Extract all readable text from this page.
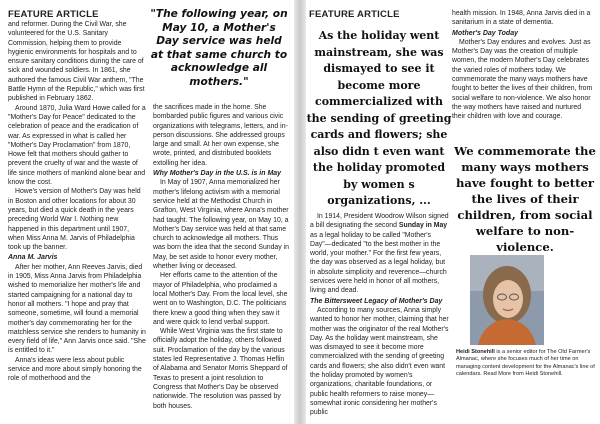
FEATURE ARTICLE	"The following year, on May 10, a Mother's Day service was held at that same church to acknowledge all mothers."

and reformer. During the Civil War, she volunteered for the U.S. Sanitary Commission, helping them to provide hygienic environments for hospitals and to ensure sanitary conditions during the care of sick and wounded soldiers. In 1861, she authored the famous Civil War anthem, "The Battle Hymn of the Republic," which was first published in February 1862.

Around 1870, Julia Ward Howe called for a "Mother's Day for Peace" dedicated to the celebration of peace and the eradication of war. As expressed in what is called her "Mother's Day Proclamation" from 1870, Howe felt that mothers should gather to prevent the cruelty of war and the waste of life since mothers of mankind alone bear and know the cost.

Howe's version of Mother's Day was held in Boston and other locations for about 30 years, but died a quick death in the years preceding World War I. Nothing new happened in this department until 1907, when Miss Anna M. Jarvis of Philadelphia took up the banner.

Anna M. Jarvis

After her mother, Ann Reeves Jarvis, died in 1905, Miss Anna Jarvis from Philadelphia wished to memorialize her mother's life and started campaigning for a national day to honor all mothers. "I hope and pray that someone, sometime, will found a memorial mother's day commemorating her for the matchless service she renders to humanity in every field of life," Ann Jarvis once said. "She is entitled to it."

Anna's ideas were less about public service and more about simply honoring the role of motherhood and the

the sacrifices made in the home. She bombarded public figures and various civic organizations with telegrams, letters, and in-person discussions. She addressed groups large and small. At her own expense, she wrote, printed, and distributed booklets extolling her idea.

Why Mother's Day in the U.S. is in May

In May of 1907, Anna memorialized her mother's lifelong activism with a memorial service held at the Methodist Church in Grafton, West Virginia, where Anna's mother had taught. The following year, on May 10, a Mother's Day service was held at that same church to acknowledge all mothers. Thus was born the idea that the second Sunday in May, be set aside to honor every mother, whether living or deceased.

Her efforts came to the attention of the mayor of Philadelphia, who proclaimed a local Mother's Day. From the local level, she went on to Washington, D.C. The politicians there knew a good thing when they saw it and were quick to lend verbal support.

While West Virginia was the first state to officially adopt the holiday, others followed suit. Proclamation of the day by the various states led Representative J. Thomas Heflin of Alabama and Senator Morris Sheppard of Texas to present a joint resolution to Congress that Mother's Day be observed nationwide. The resolution was passed by both houses.

FEATURE ARTICLE
As the holiday went mainstream, she was dismayed to see it become more commercialized with the sending of greeting cards and flowers; she also didn t even want the holiday promoted by women s organizations, ...

In 1914, President Woodrow Wilson signed a bill designating the second Sunday in May as a legal holiday to be called "Mother's Day"—dedicated "to the best mother in the world, your mother." For the first few years, the day was observed as a legal holiday, but in absolute simplicity and reverence—church services were held in honor of all mothers, living and dead.

The Bittersweet Legacy of Mother's Day

According to many sources, Anna simply wanted to honor her mother, claiming that her mother was the originator of the real Mother's Day. As the holiday went mainstream, she was dismayed to see it become more commercialized with the sending of greeting cards and flowers; she also didn't even want the holiday promoted by women's organizations, charitable foundations, or public health reformers to raise money—somewhat ironic considering her mother's public

health mission. In 1948, Anna Jarvis died in a sanitarium in a state of dementia.

Mother's Day Today

Mother's Day endures and evolves. Just as Mother's Day was the creation of multiple women, the modern Mother's Day celebrates the varied roles of mothers today. We commemorate the many ways mothers have fought to better the lives of their children, from social welfare to non-violence. We also honor the way mothers have raised and nurtured their children with love and courage.

We commemorate the many ways mothers have fought to better the lives of their children, from social welfare to non-violence.
Heidi Stonehill is a senior editor for The Old Farmer's Almanac, where she focuses much of her time on managing content development for the Almanac's line of calendars. Read More from Heidi Stonehill.
